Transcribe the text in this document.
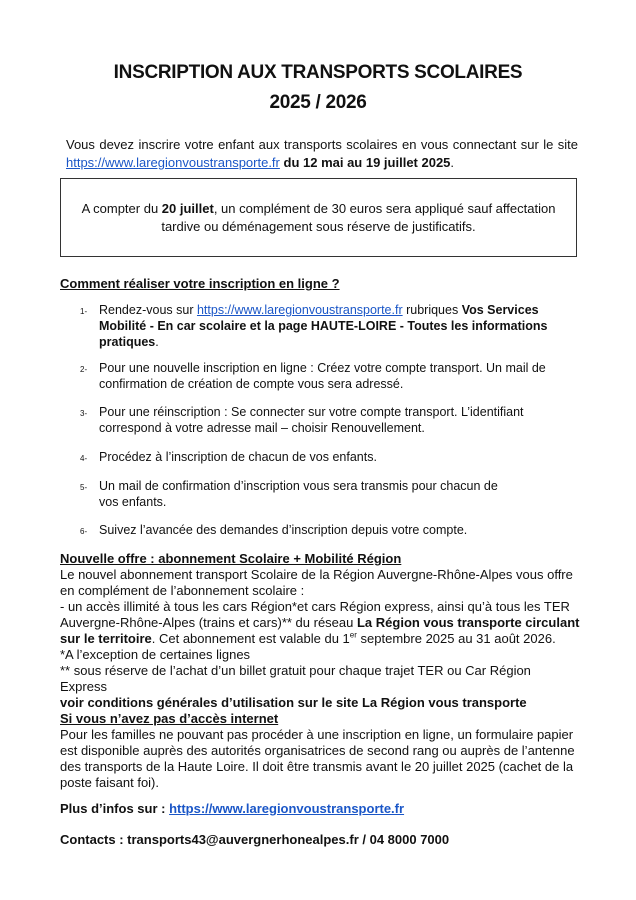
INSCRIPTION AUX TRANSPORTS SCOLAIRES
2025 / 2026
Vous devez inscrire votre enfant aux transports scolaires en vous connectant sur le site https://www.laregionvoustransporte.fr du 12 mai au 19 juillet 2025.
A compter du 20 juillet, un complément de 30 euros sera appliqué sauf affectation tardive ou déménagement sous réserve de justificatifs.
Comment réaliser votre inscription en ligne ?
1- Rendez-vous sur https://www.laregionvoustransporte.fr rubriques Vos Services Mobilité - En car scolaire et la page HAUTE-LOIRE - Toutes les informations pratiques.
2- Pour une nouvelle inscription en ligne : Créez votre compte transport. Un mail de confirmation de création de compte vous sera adressé.
3- Pour une réinscription : Se connecter sur votre compte transport. L’identifiant correspond à votre adresse mail – choisir Renouvellement.
4- Procédez à l’inscription de chacun de vos enfants.
5- Un mail de confirmation d’inscription vous sera transmis pour chacun de vos enfants.
6- Suivez l’avancée des demandes d’inscription depuis votre compte.
Nouvelle offre : abonnement Scolaire + Mobilité Région
Le nouvel abonnement transport Scolaire de la Région Auvergne-Rhône-Alpes vous offre en complément de l’abonnement scolaire :
- un accès illimité à tous les cars Région*et cars Région express, ainsi qu’à tous les TER Auvergne-Rhône-Alpes (trains et cars)** du réseau La Région vous transporte circulant sur le territoire. Cet abonnement est valable du 1er septembre 2025 au 31 août 2026.
*A l’exception de certaines lignes
** sous réserve de l’achat d’un billet gratuit pour chaque trajet TER ou Car Région Express
voir conditions générales d’utilisation sur le site La Région vous transporte
Si vous n’avez pas d’accès internet
Pour les familles ne pouvant pas procéder à une inscription en ligne, un formulaire papier est disponible auprès des autorités organisatrices de second rang ou auprès de l’antenne des transports de la Haute Loire. Il doit être transmis avant le 20 juillet 2025 (cachet de la poste faisant foi).
Plus d’infos sur : https://www.laregionvoustransporte.fr
Contacts : transports43@auvergnerhonealpes.fr / 04 8000 7000
